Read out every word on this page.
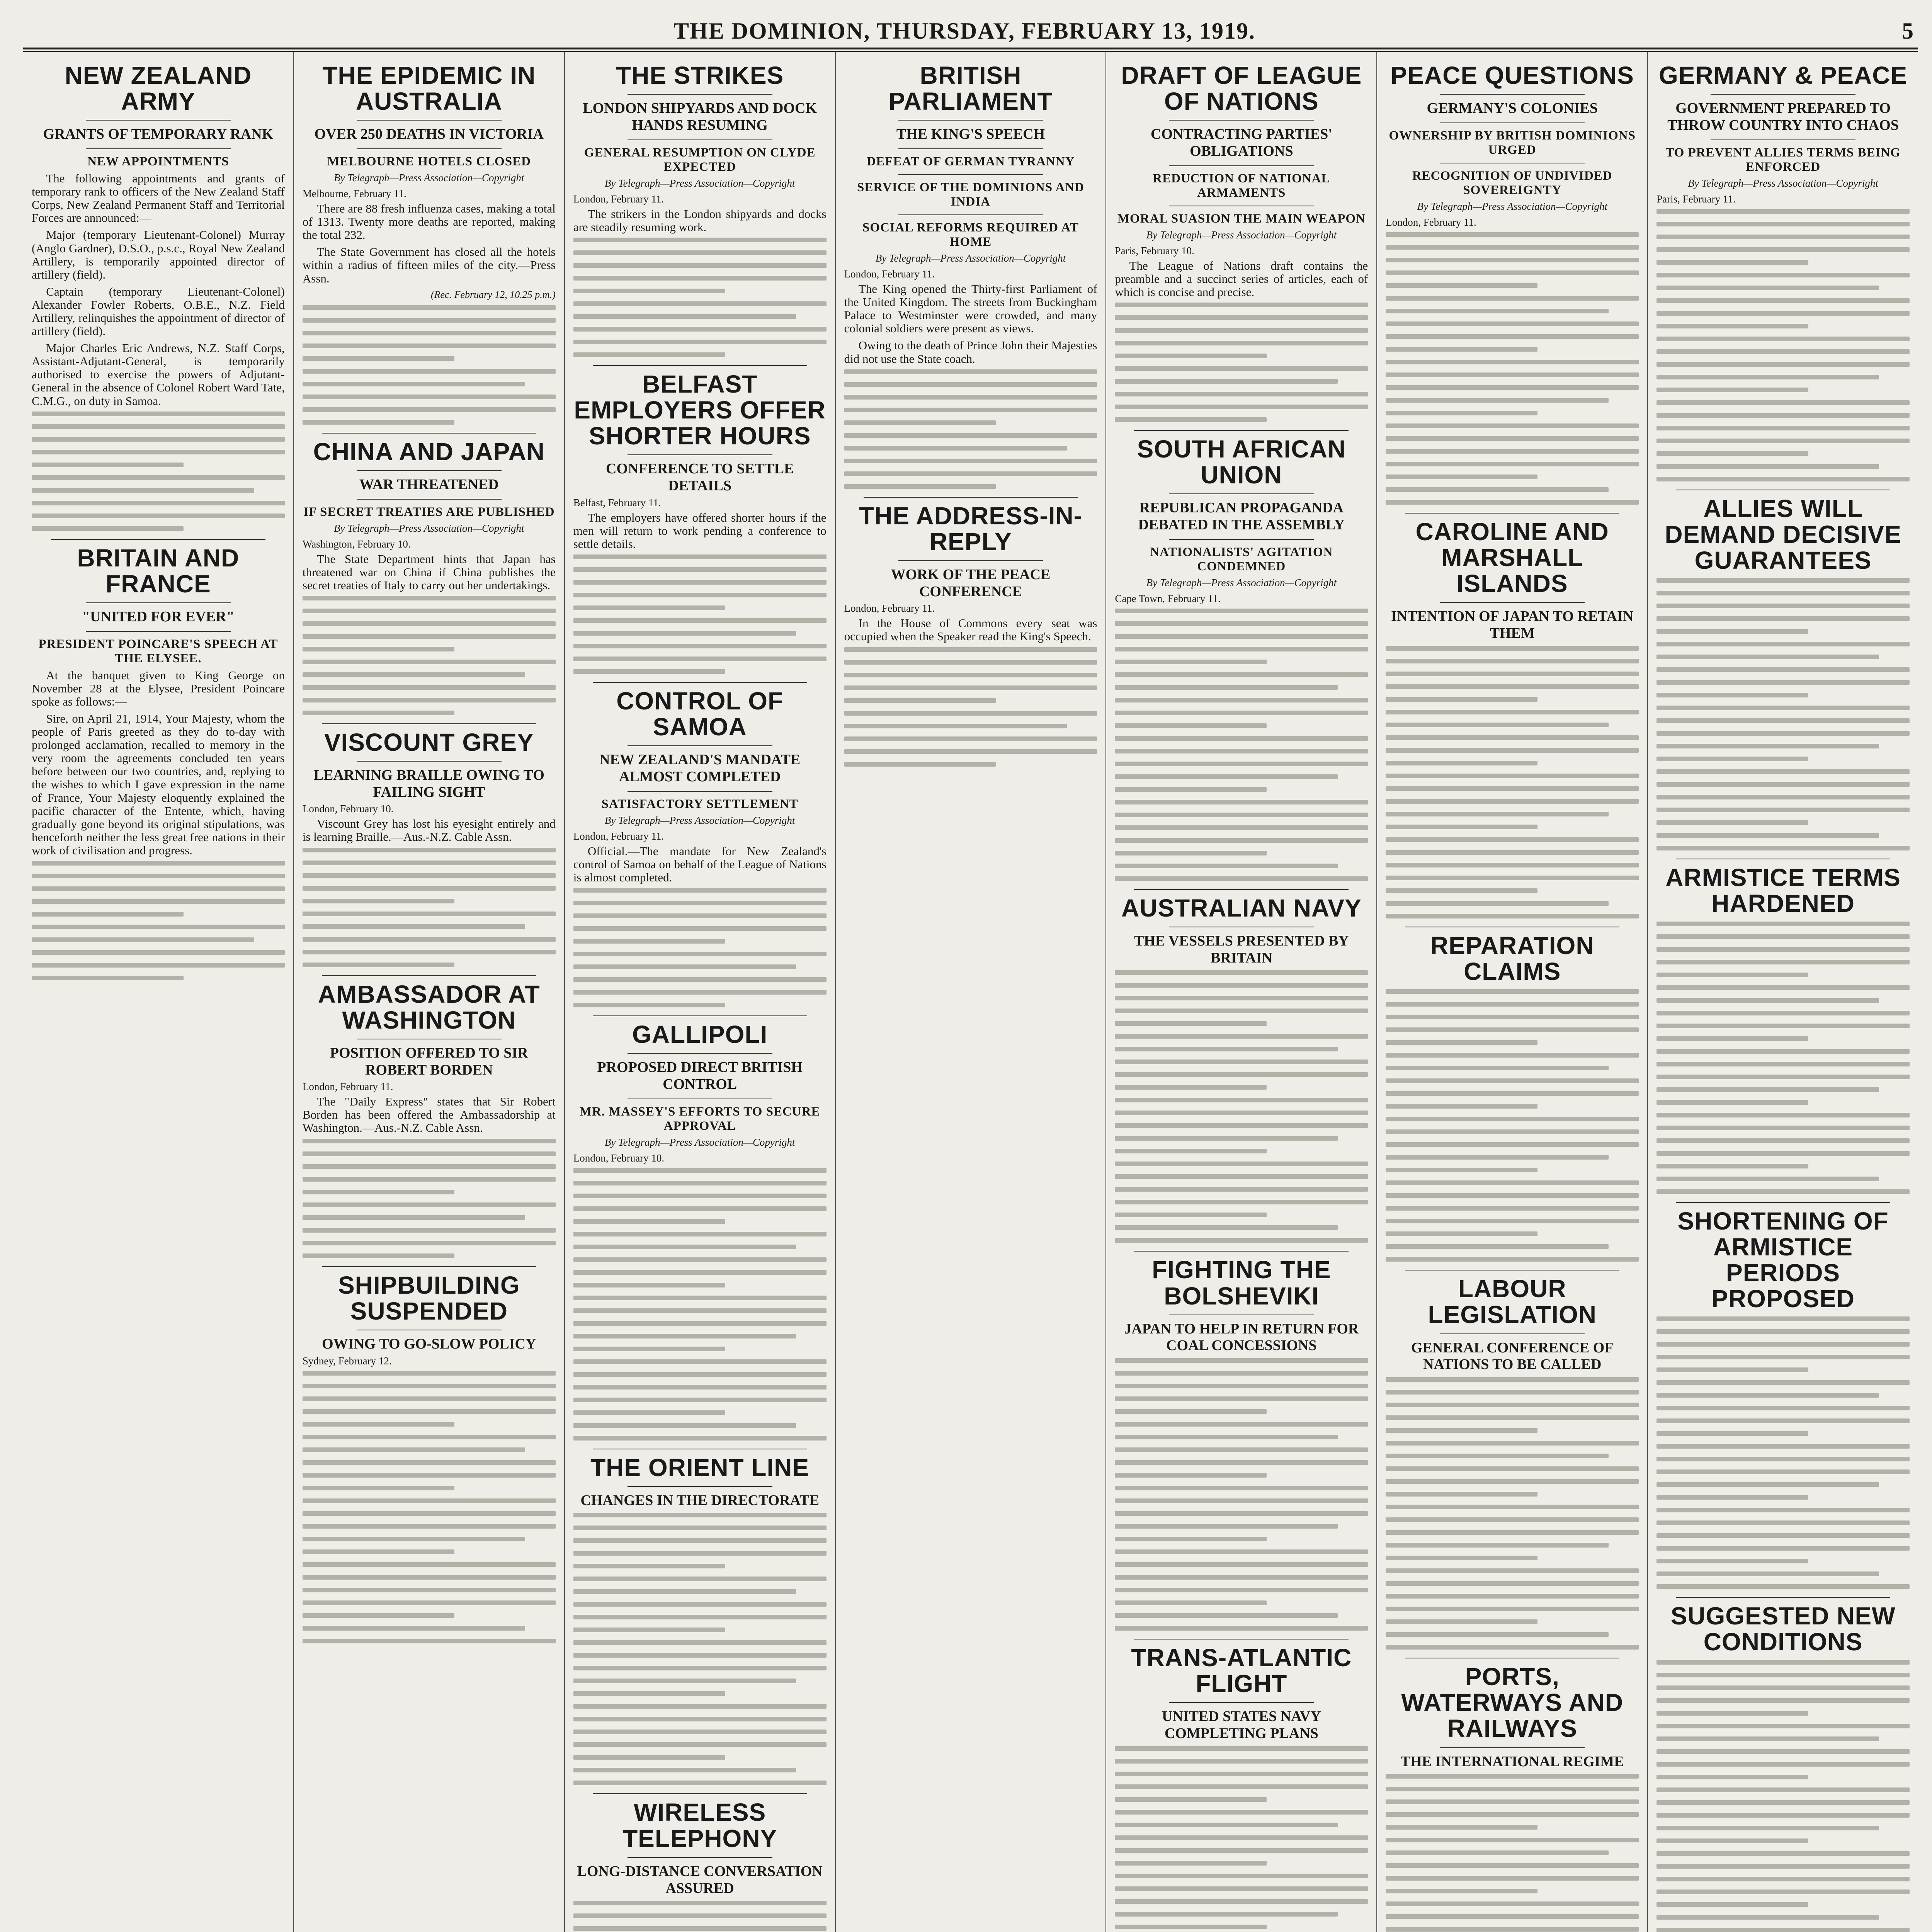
THE DOMINION, THURSDAY, FEBRUARY 13, 1919.	5
NEW ZEALAND ARMY
GRANTS OF TEMPORARY RANK
NEW APPOINTMENTS

The following appointments and grants of temporary rank to officers of the New Zealand Staff Corps, New Zealand Permanent Staff and Territorial Forces are announced:—

Major (temporary Lieutenant-Colonel) Murray (Anglo Gardner), D.S.O., p.s.c., Royal New Zealand Artillery, is temporarily appointed director of artillery (field).

Captain (temporary Lieutenant-Colonel) Alexander Fowler Roberts, O.B.E., N.Z. Field Artillery, relinquishes the appointment of director of artillery (field).

Major Charles Eric Andrews, N.Z. Staff Corps, Assistant-Adjutant-General, is temporarily authorised to exercise the powers of Adjutant-General in the absence of Colonel Robert Ward Tate, C.M.G., on duty in Samoa.

BRITAIN AND FRANCE
"UNITED FOR EVER"
PRESIDENT POINCARE'S SPEECH AT THE ELYSEE.

At the banquet given to King George on November 28 at the Elysee, President Poincare spoke as follows:—

Sire, on April 21, 1914, Your Majesty, whom the people of Paris greeted as they do to-day with prolonged acclamation, recalled to memory in the very room the agreements concluded ten years before between our two countries, and, replying to the wishes to which I gave expression in the name of France, Your Majesty eloquently explained the pacific character of the Entente, which, having gradually gone beyond its original stipulations, was henceforth neither the less great free nations in their work of civilisation and progress.

THE EPIDEMIC IN AUSTRALIA
OVER 250 DEATHS IN VICTORIA
MELBOURNE HOTELS CLOSED
By Telegraph—Press Association—Copyright
Melbourne, February 11.

There are 88 fresh influenza cases, making a total of 1313. Twenty more deaths are reported, making the total 232.

The State Government has closed all the hotels within a radius of fifteen miles of the city.—Press Assn.

(Rec. February 12, 10.25 p.m.)
CHINA AND JAPAN
WAR THREATENED
IF SECRET TREATIES ARE PUBLISHED
By Telegraph—Press Association—Copyright
Washington, February 10.

The State Department hints that Japan has threatened war on China if China publishes the secret treaties of Italy to carry out her undertakings.

VISCOUNT GREY
LEARNING BRAILLE OWING TO FAILING SIGHT
London, February 10.

Viscount Grey has lost his eyesight entirely and is learning Braille.—Aus.-N.Z. Cable Assn.

AMBASSADOR AT WASHINGTON
POSITION OFFERED TO SIR ROBERT BORDEN
London, February 11.

The "Daily Express" states that Sir Robert Borden has been offered the Ambassadorship at Washington.—Aus.-N.Z. Cable Assn.

SHIPBUILDING SUSPENDED
OWING TO GO-SLOW POLICY
Sydney, February 12.
THE STRIKES
LONDON SHIPYARDS AND DOCK HANDS RESUMING
GENERAL RESUMPTION ON CLYDE EXPECTED
By Telegraph—Press Association—Copyright
London, February 11.

The strikers in the London shipyards and docks are steadily resuming work.

BELFAST EMPLOYERS OFFER SHORTER HOURS
CONFERENCE TO SETTLE DETAILS
Belfast, February 11.

The employers have offered shorter hours if the men will return to work pending a conference to settle details.

CONTROL OF SAMOA
NEW ZEALAND'S MANDATE ALMOST COMPLETED
SATISFACTORY SETTLEMENT
By Telegraph—Press Association—Copyright
London, February 11.

Official.—The mandate for New Zealand's control of Samoa on behalf of the League of Nations is almost completed.

GALLIPOLI
PROPOSED DIRECT BRITISH CONTROL
MR. MASSEY'S EFFORTS TO SECURE APPROVAL
By Telegraph—Press Association—Copyright
London, February 10.
THE ORIENT LINE
CHANGES IN THE DIRECTORATE
WIRELESS TELEPHONY
LONG-DISTANCE CONVERSATION ASSURED
BRITISH PARLIAMENT
THE KING'S SPEECH
DEFEAT OF GERMAN TYRANNY
SERVICE OF THE DOMINIONS AND INDIA
SOCIAL REFORMS REQUIRED AT HOME
By Telegraph—Press Association—Copyright
London, February 11.

The King opened the Thirty-first Parliament of the United Kingdom. The streets from Buckingham Palace to Westminster were crowded, and many colonial soldiers were present as views.

Owing to the death of Prince John their Majesties did not use the State coach.

THE ADDRESS-IN-REPLY
WORK OF THE PEACE CONFERENCE
London, February 11.

In the House of Commons every seat was occupied when the Speaker read the King's Speech.

DRAFT OF LEAGUE OF NATIONS
CONTRACTING PARTIES' OBLIGATIONS
REDUCTION OF NATIONAL ARMAMENTS
MORAL SUASION THE MAIN WEAPON
By Telegraph—Press Association—Copyright
Paris, February 10.

The League of Nations draft contains the preamble and a succinct series of articles, each of which is concise and precise.

SOUTH AFRICAN UNION
REPUBLICAN PROPAGANDA DEBATED IN THE ASSEMBLY
NATIONALISTS' AGITATION CONDEMNED
By Telegraph—Press Association—Copyright
Cape Town, February 11.
AUSTRALIAN NAVY
THE VESSELS PRESENTED BY BRITAIN
FIGHTING THE BOLSHEVIKI
JAPAN TO HELP IN RETURN FOR COAL CONCESSIONS
TRANS-ATLANTIC FLIGHT
UNITED STATES NAVY COMPLETING PLANS
PEACE QUESTIONS
GERMANY'S COLONIES
OWNERSHIP BY BRITISH DOMINIONS URGED
RECOGNITION OF UNDIVIDED SOVEREIGNTY
By Telegraph—Press Association—Copyright
London, February 11.
CAROLINE AND MARSHALL ISLANDS
INTENTION OF JAPAN TO RETAIN THEM
REPARATION CLAIMS
LABOUR LEGISLATION
GENERAL CONFERENCE OF NATIONS TO BE CALLED
PORTS, WATERWAYS AND RAILWAYS
THE INTERNATIONAL REGIME
GERMANY & PEACE
GOVERNMENT PREPARED TO THROW COUNTRY INTO CHAOS
TO PREVENT ALLIES TERMS BEING ENFORCED
By Telegraph—Press Association—Copyright
Paris, February 11.
ALLIES WILL DEMAND DECISIVE GUARANTEES
ARMISTICE TERMS HARDENED
SHORTENING OF ARMISTICE PERIODS PROPOSED
SUGGESTED NEW CONDITIONS
